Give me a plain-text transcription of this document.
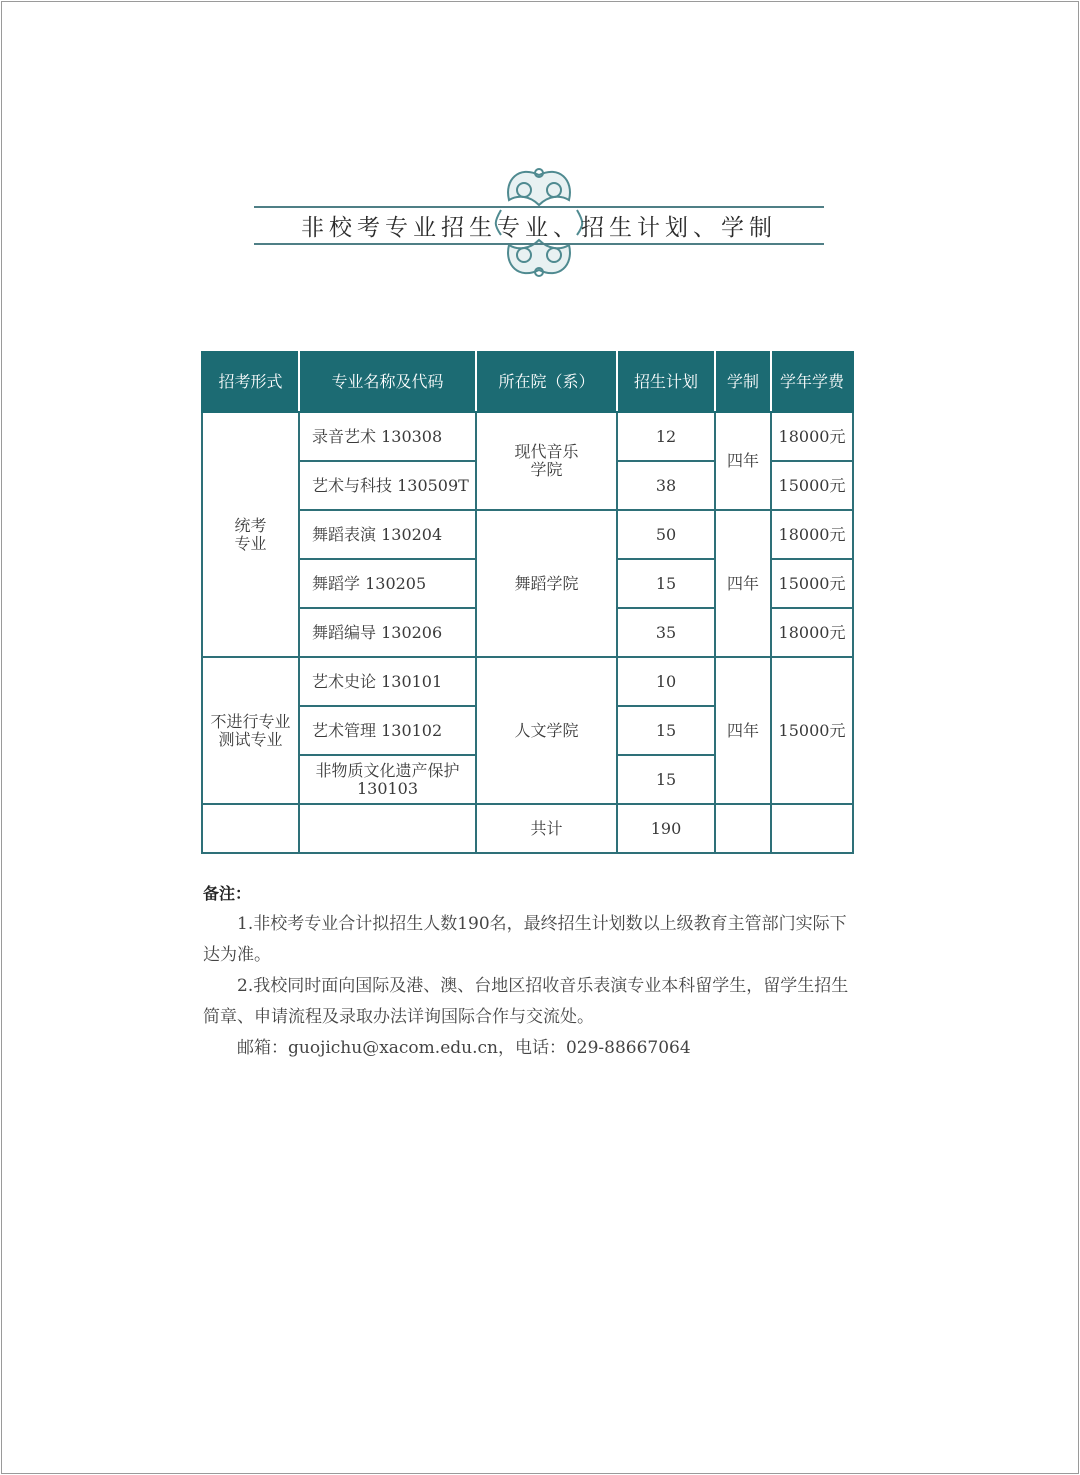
非校考专业招生专业、招生计划、学制
招考形式	专业名称及代码	所在院（系）	招生计划	学制	学年学费

统考专业	录音艺术 130308	现代音乐学院	12	四年	18000元
	艺术与科技 130509T		38		15000元
	舞蹈表演 130204	舞蹈学院	50	四年	18000元
	舞蹈学 130205		15		15000元
	舞蹈编导 130206		35		18000元

不进行专业测试专业	艺术史论 130101	人文学院	10	四年	15000元
	艺术管理 130102		15		

	非物质文化遗产保护 130103		15		
		共计	190		
备注：

1.非校考专业合计拟招生人数190名，最终招生计划数以上级教育主管部门实际下达为准。

2.我校同时面向国际及港、澳、台地区招收音乐表演专业本科留学生，留学生招生简章、申请流程及录取办法详询国际合作与交流处。

邮箱：guojichu@xacom.edu.cn，电话：029-88667064
